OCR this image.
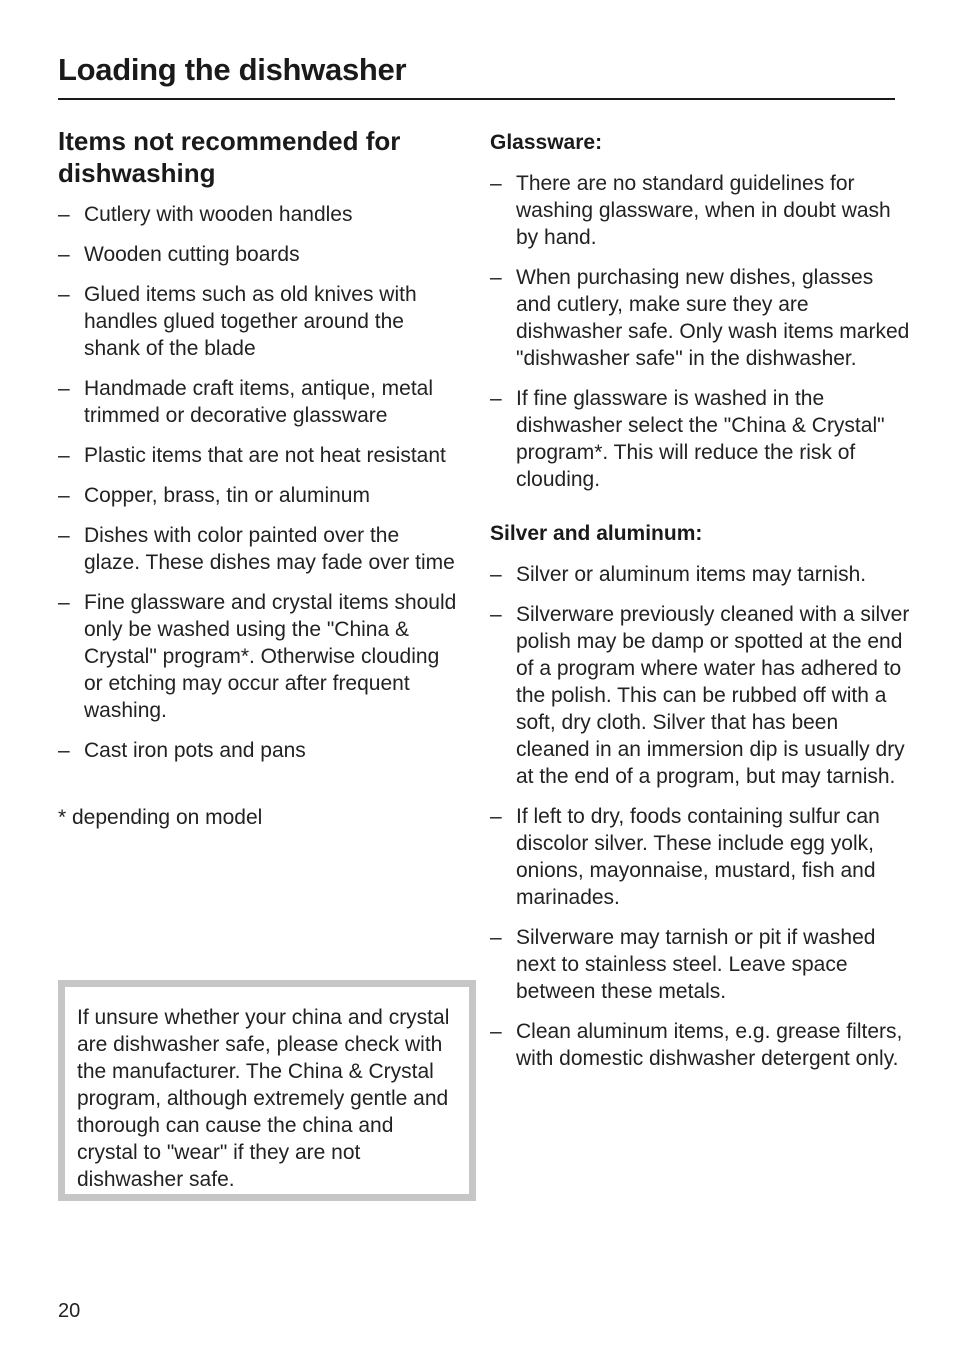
Loading the dishwasher
Items not recommended for dishwashing
– Cutlery with wooden handles
– Wooden cutting boards
– Glued items such as old knives with handles glued together around the shank of the blade
– Handmade craft items, antique, metal trimmed or decorative glassware
– Plastic items that are not heat resistant
– Copper, brass, tin or aluminum
– Dishes with color painted over the glaze. These dishes may fade over time
– Fine glassware and crystal items should only be washed using the "China & Crystal" program*. Otherwise clouding or etching may occur after frequent washing.
– Cast iron pots and pans

* depending on model

If unsure whether your china and crystal are dishwasher safe, please check with the manufacturer. The China & Crystal program, although extremely gentle and thorough can cause the china and crystal to "wear" if they are not dishwasher safe.

Glassware:
– There are no standard guidelines for washing glassware, when in doubt wash by hand.
– When purchasing new dishes, glasses and cutlery, make sure they are dishwasher safe. Only wash items marked "dishwasher safe" in the dishwasher.
– If fine glassware is washed in the dishwasher select the "China & Crystal" program*. This will reduce the risk of clouding.
Silver and aluminum:
– Silver or aluminum items may tarnish.
– Silverware previously cleaned with a silver polish may be damp or spotted at the end of a program where water has adhered to the polish. This can be rubbed off with a soft, dry cloth. Silver that has been cleaned in an immersion dip is usually dry at the end of a program, but may tarnish.
– If left to dry, foods containing sulfur can discolor silver. These include egg yolk, onions, mayonnaise, mustard, fish and marinades.
– Silverware may tarnish or pit if washed next to stainless steel. Leave space between these metals.
– Clean aluminum items, e.g. grease filters, with domestic dishwasher detergent only.
20
